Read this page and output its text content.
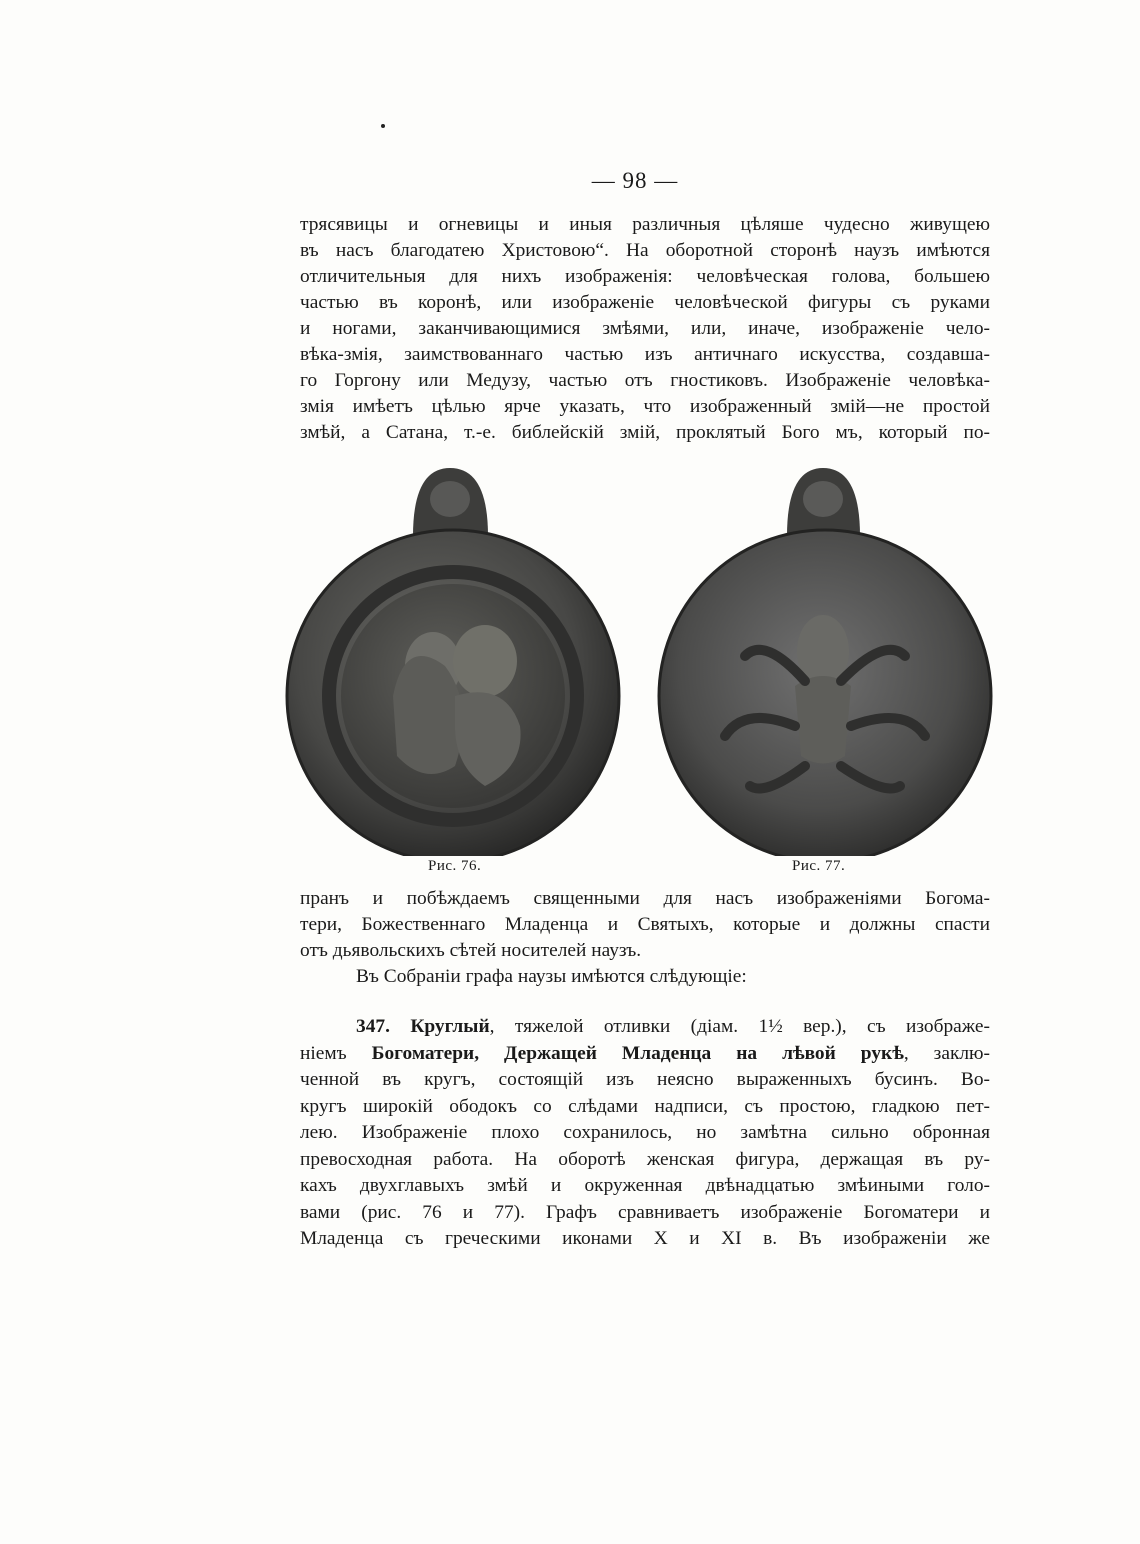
— 98 —
трясявицы и огневицы и иныя различныя цѣляше чудесно живущею
въ насъ благодатею Христовою“. На оборотной сторонѣ наузъ имѣются
отличительныя для нихъ изображенія: человѣческая голова, большею
частью въ коронѣ, или изображеніе человѣческой фигуры съ руками
и ногами, заканчивающимися змѣями, или, иначе, изображеніе чело-
вѣка-змія, заимствованнаго частью изъ античнаго искусства, создавша-
го Горгону или Медузу, частью отъ гностиковъ. Изображеніе человѣка-
змія имѣетъ цѣлью ярче указать, что изображенный змій—не простой
змѣй, а Сатана, т.-е. библейскій змій, проклятый Бого мъ, который по-
Рис. 76.	Рис. 77.
пранъ и побѣждаемъ священными для насъ изображеніями Богома-
тери, Божественнаго Младенца и Святыхъ, которые и должны спасти
отъ дьявольскихъ сѣтей носителей наузъ.
Въ Собраніи графа наузы имѣются слѣдующіе:
347. Круглый, тяжелой отливки (діам. 1½ вер.), съ изображе-
ніемъ Богоматери, Держащей Младенца на лѣвой рукѣ, заклю-
ченной въ кругъ, состоящій изъ неясно выраженныхъ бусинъ. Во-
кругъ широкій ободокъ со слѣдами надписи, съ простою, гладкою пет-
лею. Изображеніе плохо сохранилось, но замѣтна сильно обронная
превосходная работа. На оборотѣ женская фигура, держащая въ ру-
кахъ двухглавыхъ змѣй и окруженная двѣнадцатью змѣиными голо-
вами (рис. 76 и 77). Графъ сравниваетъ изображеніе Богоматери и
Младенца съ греческими иконами X и XI в. Въ изображеніи же
